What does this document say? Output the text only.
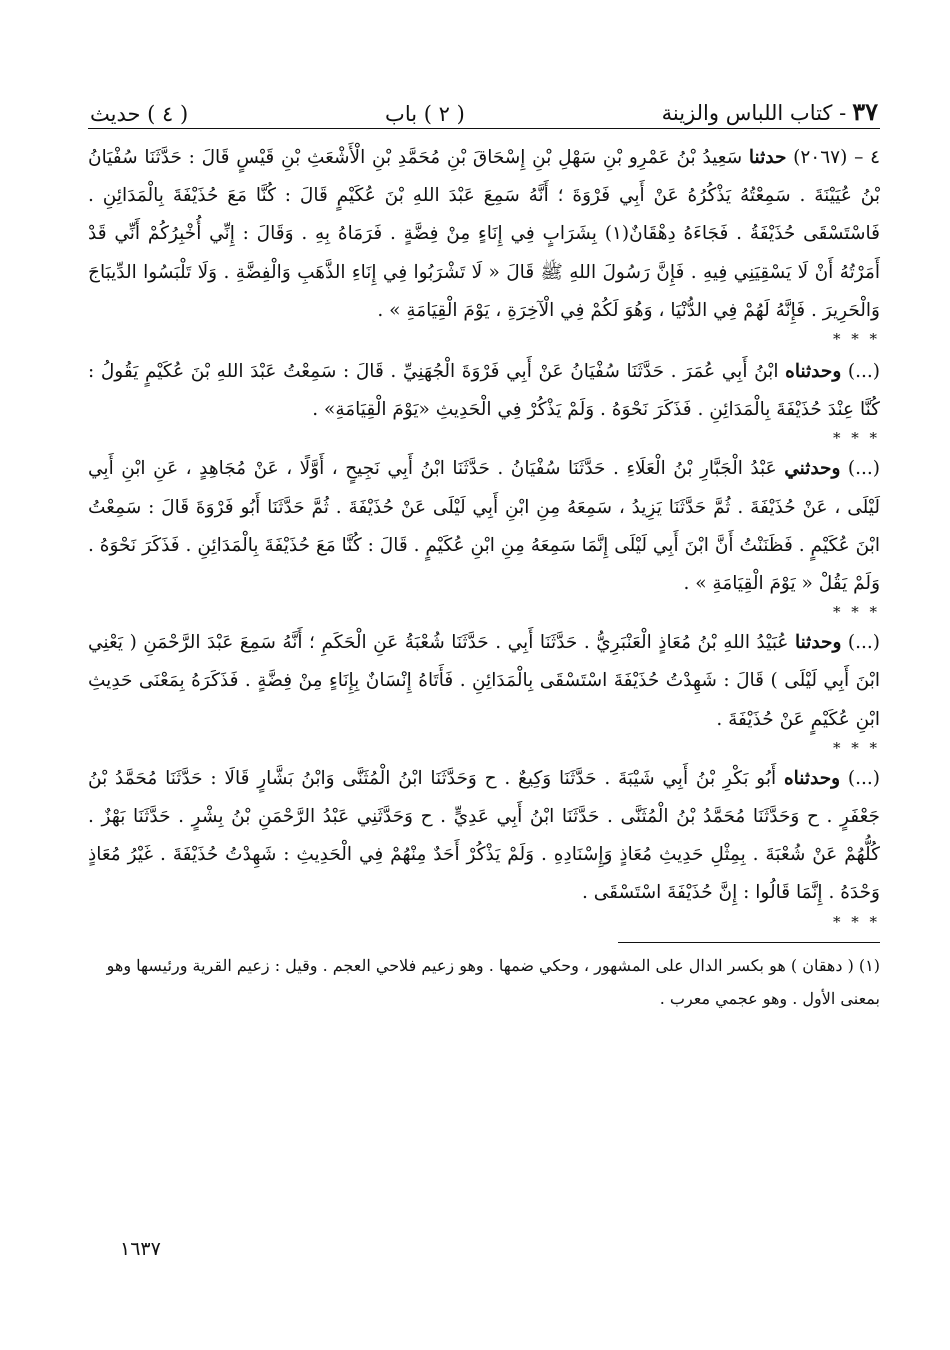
٣٧
- كتاب اللباس والزينة
( ٢ ) باب
( ٤ ) حديث

٤ – (٢٠٦٧) حدثنا سَعِيدُ بْنُ عَمْرِو بْنِ سَهْلِ بْنِ إِسْحَاقَ بْنِ مُحَمَّدِ بْنِ الْأَشْعَثِ بْنِ قَيْسٍ قَالَ : حَدَّثَنَا سُفْيَانُ بْنُ عُيَيْنَةَ . سَمِعْتُهُ يَذْكُرُهُ عَنْ أَبِي فَرْوَةَ ؛ أَنَّهُ سَمِعَ عَبْدَ اللهِ بْنَ عُكَيْمٍ قَالَ : كُنَّا مَعَ حُذَيْفَةَ بِالْمَدَائِنِ . فَاسْتَسْقَى حُذَيْفَةُ . فَجَاءَهُ دِهْقَانٌ(١) بِشَرَابٍ فِي إِنَاءٍ مِنْ فِضَّةٍ . فَرَمَاهُ بِهِ . وَقَالَ : إِنِّي أُخْبِرُكُمْ أَنِّي قَدْ أَمَرْتُهُ أَنْ لَا يَسْقِيَنِي فِيهِ . فَإِنَّ رَسُولَ اللهِ ﷺ قَالَ « لَا تَشْرَبُوا فِي إِنَاءِ الذَّهَبِ وَالْفِضَّةِ . وَلَا تَلْبَسُوا الدِّيبَاجَ وَالْحَرِيرَ . فَإِنَّهُ لَهُمْ فِي الدُّنْيَا ، وَهُوَ لَكُمْ فِي الْآخِرَةِ ، يَوْمَ الْقِيَامَةِ » .

* * *

(...) وحدثناه ابْنُ أَبِي عُمَرَ . حَدَّثَنَا سُفْيَانُ عَنْ أَبِي فَرْوَةَ الْجُهَنِيِّ . قَالَ : سَمِعْتُ عَبْدَ اللهِ بْنَ عُكَيْمٍ يَقُولُ : كُنَّا عِنْدَ حُذَيْفَةَ بِالْمَدَائِنِ . فَذَكَرَ نَحْوَهُ . وَلَمْ يَذْكُرْ فِي الْحَدِيثِ «يَوْمَ الْقِيَامَةِ» .

* * *

(...) وحدثني عَبْدُ الْجَبَّارِ بْنُ الْعَلَاءِ . حَدَّثَنَا سُفْيَانُ . حَدَّثَنَا ابْنُ أَبِي نَجِيحٍ ، أَوَّلًا ، عَنْ مُجَاهِدٍ ، عَنِ ابْنِ أَبِي لَيْلَى ، عَنْ حُذَيْفَةَ . ثُمَّ حَدَّثَنَا يَزِيدُ ، سَمِعَهُ مِنِ ابْنِ أَبِي لَيْلَى عَنْ حُذَيْفَةَ . ثُمَّ حَدَّثَنَا أَبُو فَرْوَةَ قَالَ : سَمِعْتُ ابْنَ عُكَيْمٍ . فَظَنَنْتُ أَنَّ ابْنَ أَبِي لَيْلَى إِنَّمَا سَمِعَهُ مِنِ ابْنِ عُكَيْمٍ . قَالَ : كُنَّا مَعَ حُذَيْفَةَ بِالْمَدَائِنِ . فَذَكَرَ نَحْوَهُ . وَلَمْ يَقُلْ « يَوْمَ الْقِيَامَةِ » .

* * *

(...) وحدثنا عُبَيْدُ اللهِ بْنُ مُعَاذٍ الْعَنْبَرِيُّ . حَدَّثَنَا أَبِي . حَدَّثَنَا شُعْبَةُ عَنِ الْحَكَمِ ؛ أَنَّهُ سَمِعَ عَبْدَ الرَّحْمَنِ ( يَعْنِي ابْنَ أَبِي لَيْلَى ) قَالَ : شَهِدْتُ حُذَيْفَةَ اسْتَسْقَى بِالْمَدَائِنِ . فَأَتَاهُ إِنْسَانٌ بِإِنَاءٍ مِنْ فِضَّةٍ . فَذَكَرَهُ بِمَعْنَى حَدِيثِ ابْنِ عُكَيْمٍ عَنْ حُذَيْفَةَ .

* * *

(...) وحدثناه أَبُو بَكْرِ بْنُ أَبِي شَيْبَةَ . حَدَّثَنَا وَكِيعٌ . ح وَحَدَّثَنَا ابْنُ الْمُثَنَّى وَابْنُ بَشَّارٍ قَالَا : حَدَّثَنَا مُحَمَّدُ بْنُ جَعْفَرٍ . ح وَحَدَّثَنَا مُحَمَّدُ بْنُ الْمُثَنَّى . حَدَّثَنَا ابْنُ أَبِي عَدِيٍّ . ح وَحَدَّثَنِي عَبْدُ الرَّحْمَنِ بْنُ بِشْرٍ . حَدَّثَنَا بَهْزٌ . كُلُّهُمْ عَنْ شُعْبَةَ . بِمِثْلِ حَدِيثِ مُعَاذٍ وَإِسْنَادِهِ . وَلَمْ يَذْكُرْ أَحَدٌ مِنْهُمْ فِي الْحَدِيثِ : شَهِدْتُ حُذَيْفَةَ . غَيْرُ مُعَاذٍ وَحْدَهُ . إِنَّمَا قَالُوا : إِنَّ حُذَيْفَةَ اسْتَسْقَى .

* * *
(١) ( دهقان ) هو بكسر الدال على المشهور ، وحكي ضمها . وهو زعيم فلاحي العجم . وقيل : زعيم القرية ورئيسها وهو بمعنى الأول . وهو عجمي معرب .
١٦٣٧
